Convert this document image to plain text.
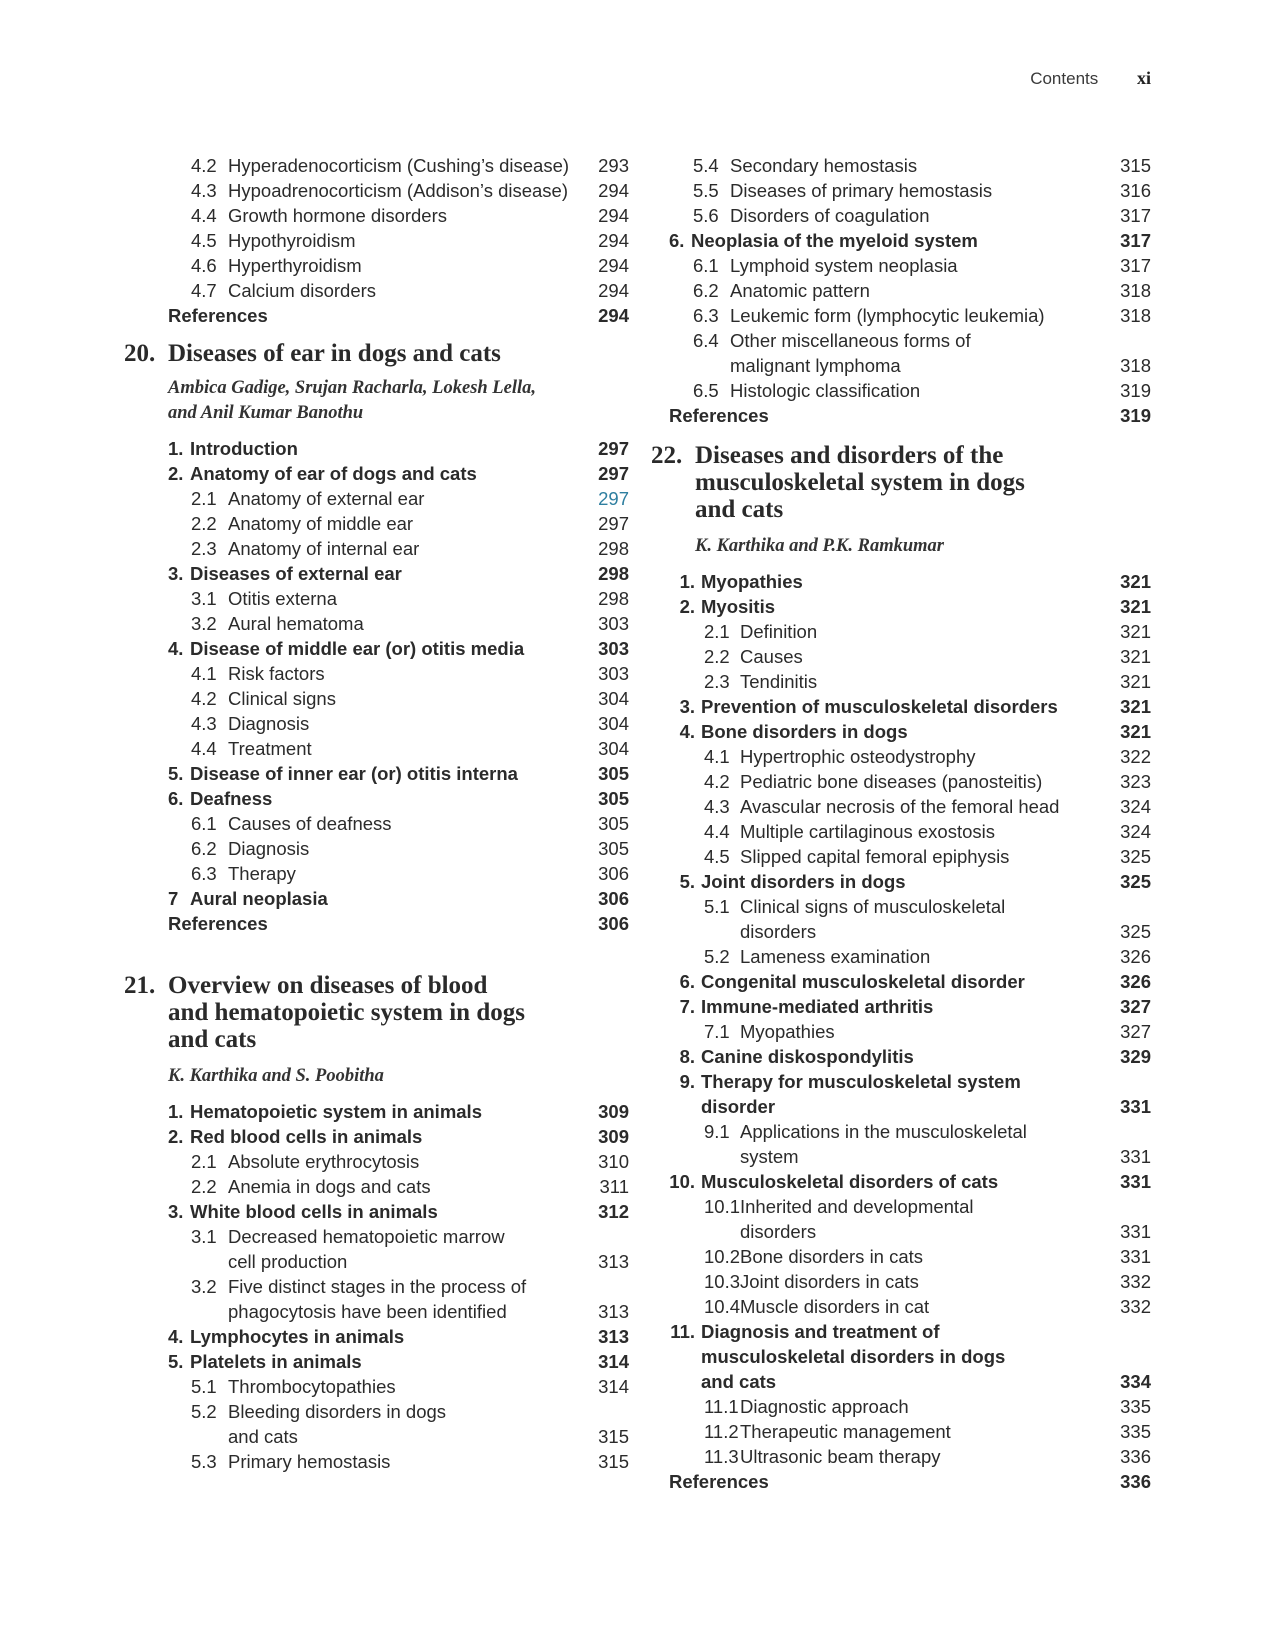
Contents xi
4.2 Hyperadenocorticism (Cushing’s disease) 293
4.3 Hypoadrenocorticism (Addison’s disease) 294
4.4 Growth hormone disorders	294
4.5 Hypothyroidism	294
4.6 Hyperthyroidism	294
4.7 Calcium disorders	294
References	294
20. Diseases of ear in dogs and cats
Ambica Gadige, Srujan Racharla, Lokesh Lella,
and Anil Kumar Banothu
1. Introduction	297
2. Anatomy of ear of dogs and cats	297
2.1 Anatomy of external ear	297
2.2 Anatomy of middle ear	297
2.3 Anatomy of internal ear	298
3. Diseases of external ear	298
3.1 Otitis externa	298
3.2 Aural hematoma	303
4. Disease of middle ear (or) otitis media	303
4.1 Risk factors	303
4.2 Clinical signs	304
4.3 Diagnosis	304
4.4 Treatment	304
5. Disease of inner ear (or) otitis interna	305
6. Deafness	305
6.1 Causes of deafness	305
6.2 Diagnosis	305
6.3 Therapy	306
7 Aural neoplasia	306
References	306
21. Overview on diseases of blood
and hematopoietic system in dogs
and cats
K. Karthika and S. Poobitha
1. Hematopoietic system in animals	309
2. Red blood cells in animals	309
2.1 Absolute erythrocytosis	310
2.2 Anemia in dogs and cats	311
3. White blood cells in animals	312
3.1 Decreased hematopoietic marrow
cell production	313
3.2 Five distinct stages in the process of
phagocytosis have been identified	313
4. Lymphocytes in animals	313
5. Platelets in animals	314
5.1 Thrombocytopathies	314
5.2 Bleeding disorders in dogs
and cats	315
5.3 Primary hemostasis	315
5.4 Secondary hemostasis	315
5.5 Diseases of primary hemostasis	316
5.6 Disorders of coagulation	317
6. Neoplasia of the myeloid system	317
6.1 Lymphoid system neoplasia	317
6.2 Anatomic pattern	318
6.3 Leukemic form (lymphocytic leukemia)	318
6.4 Other miscellaneous forms of
malignant lymphoma	318
6.5 Histologic classification	319
References	319
22. Diseases and disorders of the
musculoskeletal system in dogs
and cats
K. Karthika and P.K. Ramkumar
1. Myopathies	321
2. Myositis	321
2.1 Definition	321
2.2 Causes	321
2.3 Tendinitis	321
3. Prevention of musculoskeletal disorders	321
4. Bone disorders in dogs	321
4.1 Hypertrophic osteodystrophy	322
4.2 Pediatric bone diseases (panosteitis)	323
4.3 Avascular necrosis of the femoral head	324
4.4 Multiple cartilaginous exostosis	324
4.5 Slipped capital femoral epiphysis	325
5. Joint disorders in dogs	325
5.1 Clinical signs of musculoskeletal
disorders	325
5.2 Lameness examination	326
6. Congenital musculoskeletal disorder	326
7. Immune-mediated arthritis	327
7.1 Myopathies	327
8. Canine diskospondylitis	329
9. Therapy for musculoskeletal system
disorder	331
9.1 Applications in the musculoskeletal
system	331
10. Musculoskeletal disorders of cats	331
10.1 Inherited and developmental
disorders	331
10.2 Bone disorders in cats	331
10.3 Joint disorders in cats	332
10.4 Muscle disorders in cat	332
11. Diagnosis and treatment of
musculoskeletal disorders in dogs
and cats	334
11.1 Diagnostic approach	335
11.2 Therapeutic management	335
11.3 Ultrasonic beam therapy	336
References	336
